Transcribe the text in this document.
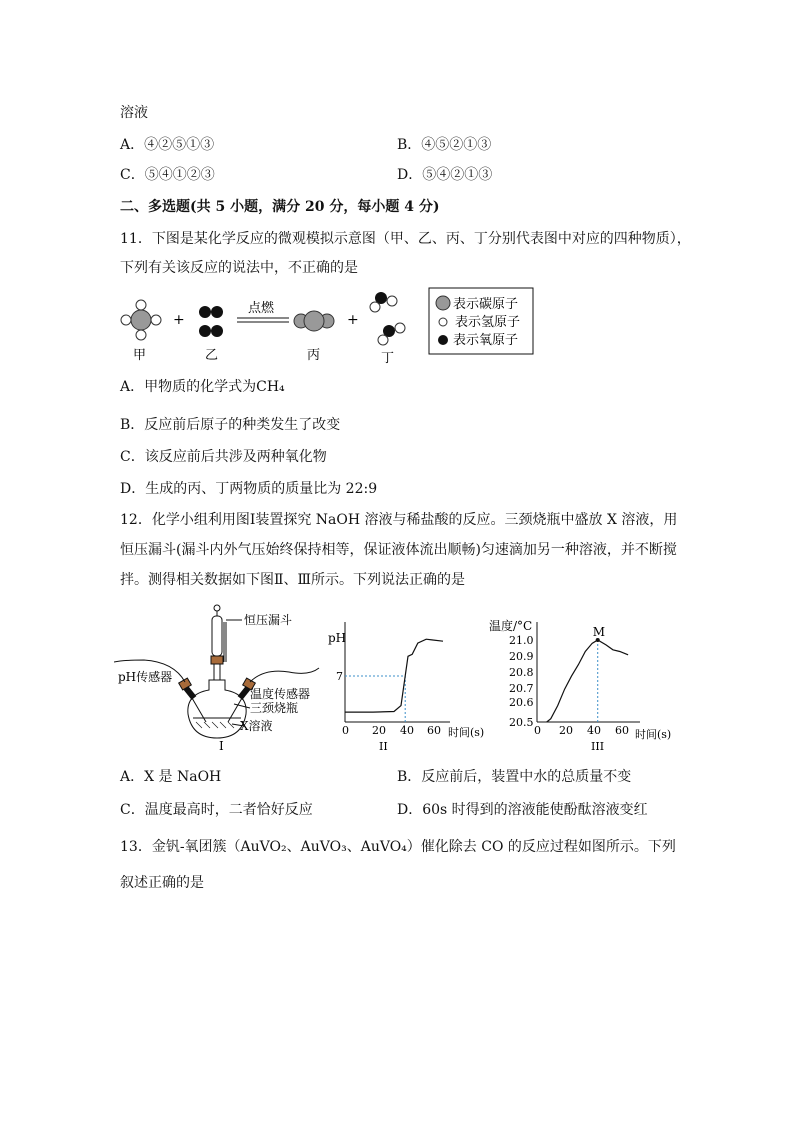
溶液
A．④②⑤①③	B．④⑤②①③
C．⑤④①②③	D．⑤④②①③
二、多选题(共 5 小题，满分 20 分，每小题 4 分)
11．下图是某化学反应的微观模拟示意图（甲、乙、丙、丁分别代表图中对应的四种物质），
下列有关该反应的说法中，不正确的是
甲
+
乙
点燃
丙
+
丁
表示碳原子
表示氢原子
表示氧原子
A．甲物质的化学式为CH₄
B．反应前后原子的种类发生了改变
C．该反应前后共涉及两种氧化物
D．生成的丙、丁两物质的质量比为 22:9
12．化学小组利用图Ⅰ装置探究 NaOH 溶液与稀盐酸的反应。三颈烧瓶中盛放 X 溶液，用
恒压漏斗(漏斗内外气压始终保持相等，保证液体流出顺畅)匀速滴加另一种溶液，并不断搅
拌。测得相关数据如下图Ⅱ、Ⅲ所示。下列说法正确的是
恒压漏斗
pH传感器
温度传感器
三颈烧瓶
X溶液
I
pH
时间(s)
0 20 40 60
7
II
温度/°C
时间(s)
0 20 40 60
20.5
20.6
20.7
20.8
20.9
21.0
M
III
A．X 是 NaOH	B．反应前后，装置中水的总质量不变
C．温度最高时，二者恰好反应	D．60s 时得到的溶液能使酚酞溶液变红
13．金钒-氧团簇（AuVO₂、AuVO₃、AuVO₄）催化除去 CO 的反应过程如图所示。下列
叙述正确的是
